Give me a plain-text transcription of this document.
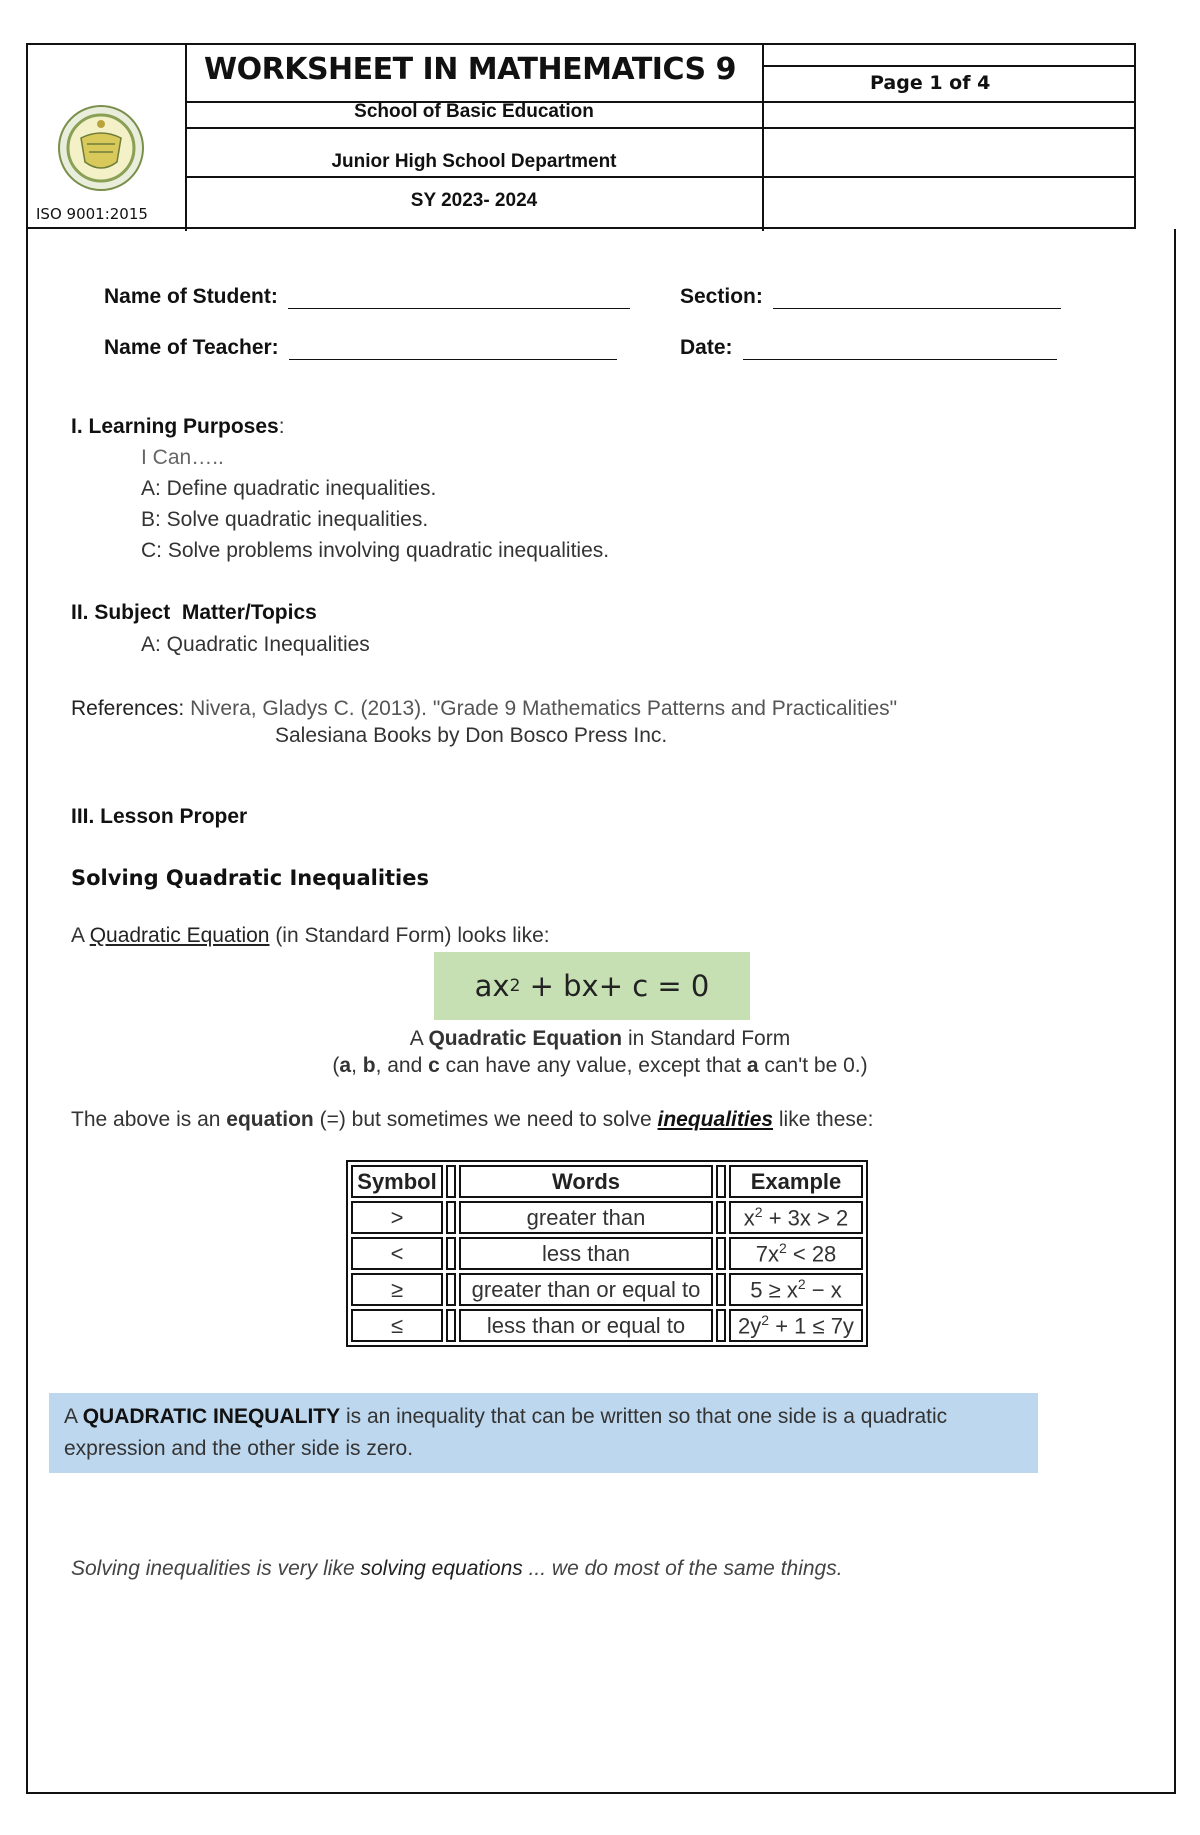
WORKSHEET IN MATHEMATICS 9
School of Basic Education
Junior High School Department
SY 2023- 2024
Page 1 of 4
ISO 9001:2015
Name of Student:	Section:
Name of Teacher:	Date:
I. Learning Purposes:
I Can…..
A: Define quadratic inequalities.
B: Solve quadratic inequalities.
C: Solve problems involving quadratic inequalities.
II. Subject  Matter/Topics
A: Quadratic Inequalities
References: Nivera, Gladys C. (2013). "Grade 9 Mathematics Patterns and Practicalities"
Salesiana Books by Don Bosco Press Inc.
III. Lesson Proper
Solving Quadratic Inequalities
A Quadratic Equation (in Standard Form) looks like:
ax 2 + bx+ c = 0
A Quadratic Equation in Standard Form
(a, b, and c can have any value, except that a can't be 0.)
The above is an equation (=) but sometimes we need to solve inequalities like these:
Symbol		Words		Example
>		greater than		$x^2 + 3x > 2$
<		less than		$7x^2 < 28$
≥		greater than or equal to		$5 \ge x^2 - x$
≤		less than or equal to		$2y^2 + 1 \le 7y$
A QUADRATIC INEQUALITY is an inequality that can be written so that one side is a quadratic expression and the other side is zero.
Solving inequalities is very like solving equations ... we do most of the same things.
